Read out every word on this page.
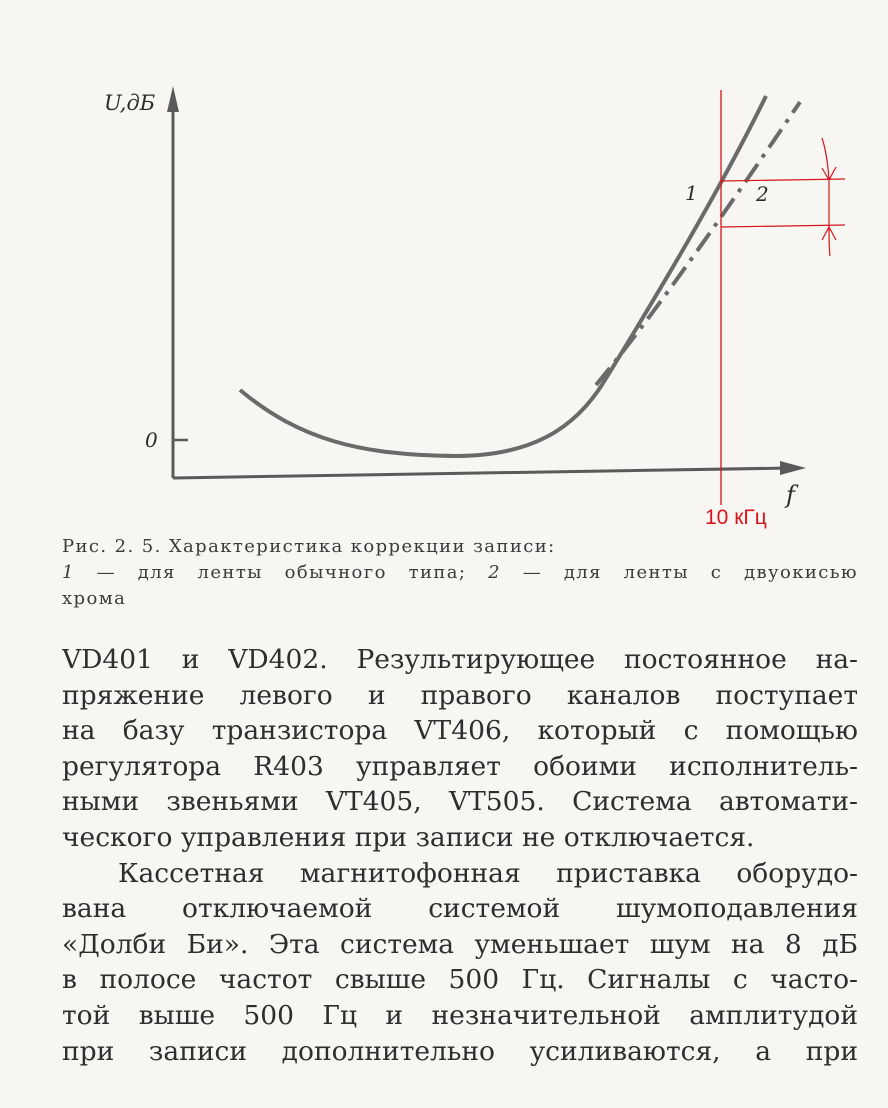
U,дБ
f
0
1	2
10 кГц
Рис. 2. 5. Характеристика коррекции записи:
1 — для ленты обычного типа; 2 — для ленты с двуокисью
хрома
VD401 и VD402. Результирующее постоянное на-
пряжение левого и правого каналов поступает
на базу транзистора VT406, который с помощью
регулятора R403 управляет обоими исполнитель-
ными звеньями VT405, VT505. Система автомати-
ческого управления при записи не отключается.
Кассетная магнитофонная приставка оборудо-
вана отключаемой системой шумоподавления
«Долби Би». Эта система уменьшает шум на 8 дБ
в полосе частот свыше 500 Гц. Сигналы с часто-
той выше 500 Гц и незначительной амплитудой
при записи дополнительно усиливаются, а при
